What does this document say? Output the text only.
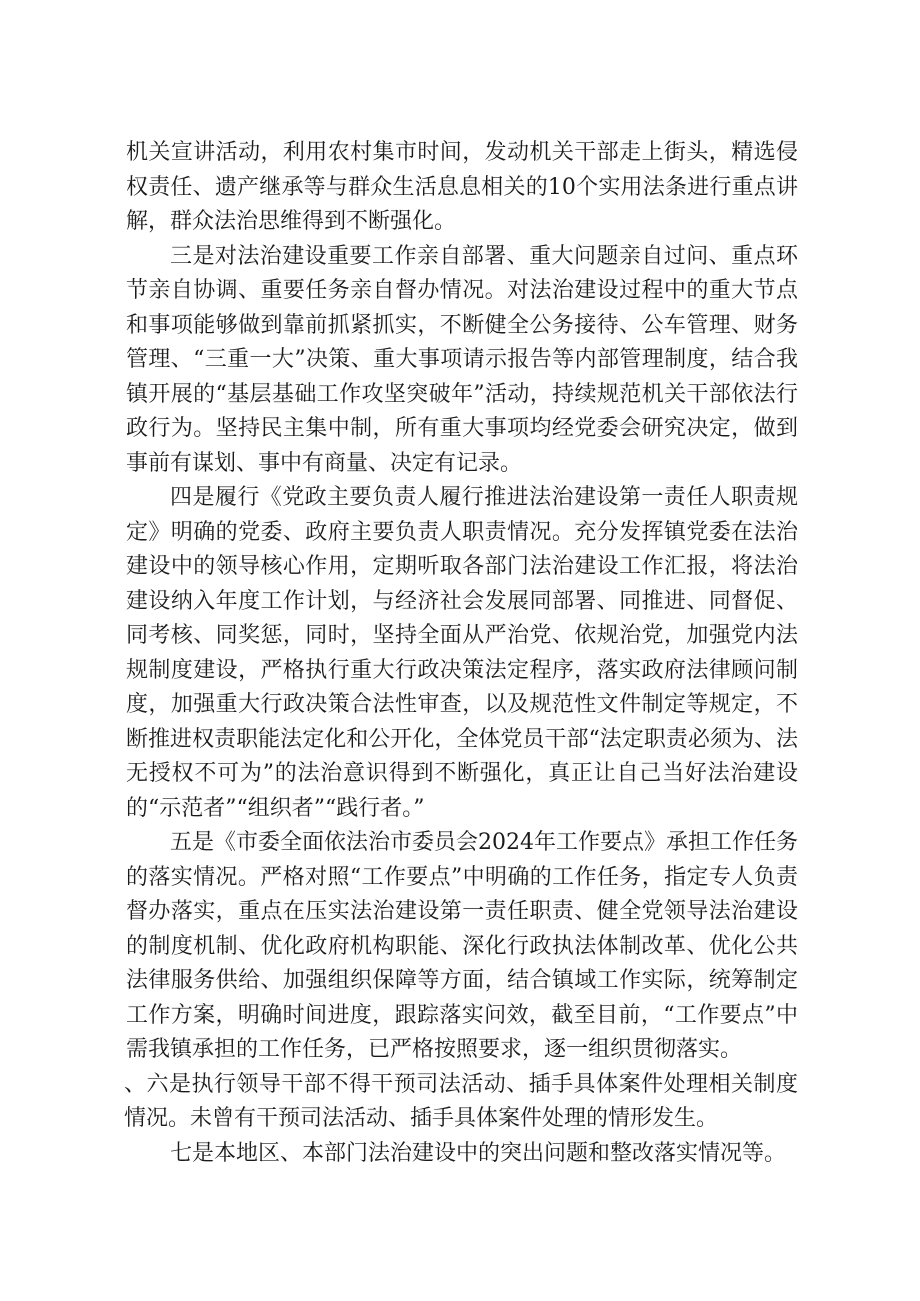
机关宣讲活动，利用农村集市时间，发动机关干部走上街头，精选侵权责任、遗产继承等与群众生活息息相关的10个实用法条进行重点讲解，群众法治思维得到不断强化。

三是对法治建设重要工作亲自部署、重大问题亲自过问、重点环节亲自协调、重要任务亲自督办情况。对法治建设过程中的重大节点和事项能够做到靠前抓紧抓实，不断健全公务接待、公车管理、财务管理、“三重一大”决策、重大事项请示报告等内部管理制度，结合我镇开展的“基层基础工作攻坚突破年”活动，持续规范机关干部依法行政行为。坚持民主集中制，所有重大事项均经党委会研究决定，做到事前有谋划、事中有商量、决定有记录。

四是履行《党政主要负责人履行推进法治建设第一责任人职责规定》明确的党委、政府主要负责人职责情况。充分发挥镇党委在法治建设中的领导核心作用，定期听取各部门法治建设工作汇报，将法治建设纳入年度工作计划，与经济社会发展同部署、同推进、同督促、同考核、同奖惩，同时，坚持全面从严治党、依规治党，加强党内法规制度建设，严格执行重大行政决策法定程序，落实政府法律顾问制度，加强重大行政决策合法性审查，以及规范性文件制定等规定，不断推进权责职能法定化和公开化，全体党员干部“法定职责必须为、法无授权不可为”的法治意识得到不断强化，真正让自己当好法治建设的“示范者”“组织者”“践行者。”

五是《市委全面依法治市委员会2024年工作要点》承担工作任务的落实情况。严格对照“工作要点”中明确的工作任务，指定专人负责督办落实，重点在压实法治建设第一责任职责、健全党领导法治建设的制度机制、优化政府机构职能、深化行政执法体制改革、优化公共法律服务供给、加强组织保障等方面，结合镇域工作实际，统筹制定工作方案，明确时间进度，跟踪落实问效，截至目前，“工作要点”中需我镇承担的工作任务，已严格按照要求，逐一组织贯彻落实。

、六是执行领导干部不得干预司法活动、插手具体案件处理相关制度情况。未曾有干预司法活动、插手具体案件处理的情形发生。

七是本地区、本部门法治建设中的突出问题和整改落实情况等。
